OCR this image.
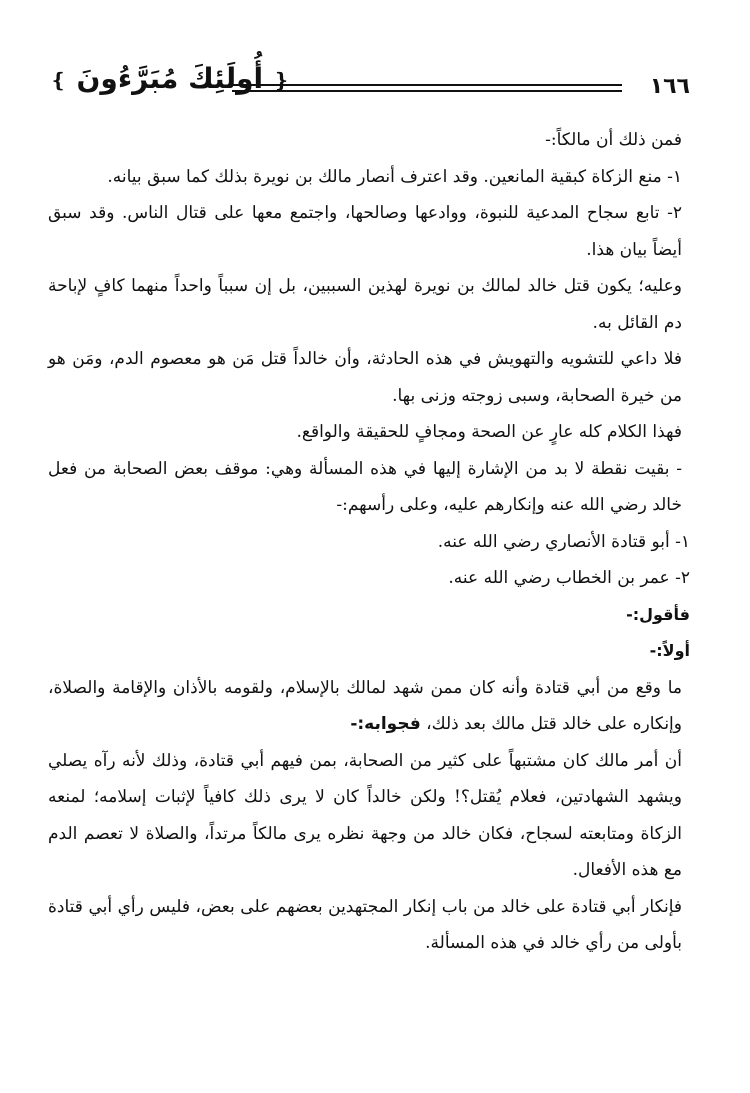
❴ أُولَئِكَ مُبَرَّءُونَ ❵	١٦٦

فمن ذلك أن مالكاً:-

١- منع الزكاة كبقية المانعين. وقد اعترف أنصار مالك بن نويرة بذلك كما سبق بيانه.

٢- تابع سجاح المدعية للنبوة، ووادعها وصالحها، واجتمع معها على قتال الناس. وقد سبق أيضاً بيان هذا.

وعليه؛ يكون قتل خالد لمالك بن نويرة لهذين السببين، بل إن سبباً واحداً منهما كافٍ لإباحة دم القائل به.

فلا داعي للتشويه والتهويش في هذه الحادثة، وأن خالداً قتل مَن هو معصوم الدم، ومَن هو من خيرة الصحابة، وسبى زوجته وزنى بها.

فهذا الكلام كله عارٍ عن الصحة ومجافٍ للحقيقة والواقع.

- بقيت نقطة لا بد من الإشارة إليها في هذه المسألة وهي: موقف بعض الصحابة من فعل خالد رضي الله عنه وإنكارهم عليه، وعلى رأسهم:-

١- أبو قتادة الأنصاري رضي الله عنه.

٢- عمر بن الخطاب رضي الله عنه.

فأقول:-

أولاً:-

ما وقع من أبي قتادة وأنه كان ممن شهد لمالك بالإسلام، ولقومه بالأذان والإقامة والصلاة، وإنكاره على خالد قتل مالك بعد ذلك، فجوابه:-

أن أمر مالك كان مشتبهاً على كثير من الصحابة، بمن فيهم أبي قتادة، وذلك لأنه رآه يصلي ويشهد الشهادتين، فعلام يُقتل؟! ولكن خالداً كان لا يرى ذلك كافياً لإثبات إسلامه؛ لمنعه الزكاة ومتابعته لسجاح، فكان خالد من وجهة نظره يرى مالكاً مرتداً، والصلاة لا تعصم الدم مع هذه الأفعال.

فإنكار أبي قتادة على خالد من باب إنكار المجتهدين بعضهم على بعض، فليس رأي أبي قتادة بأولى من رأي خالد في هذه المسألة.
